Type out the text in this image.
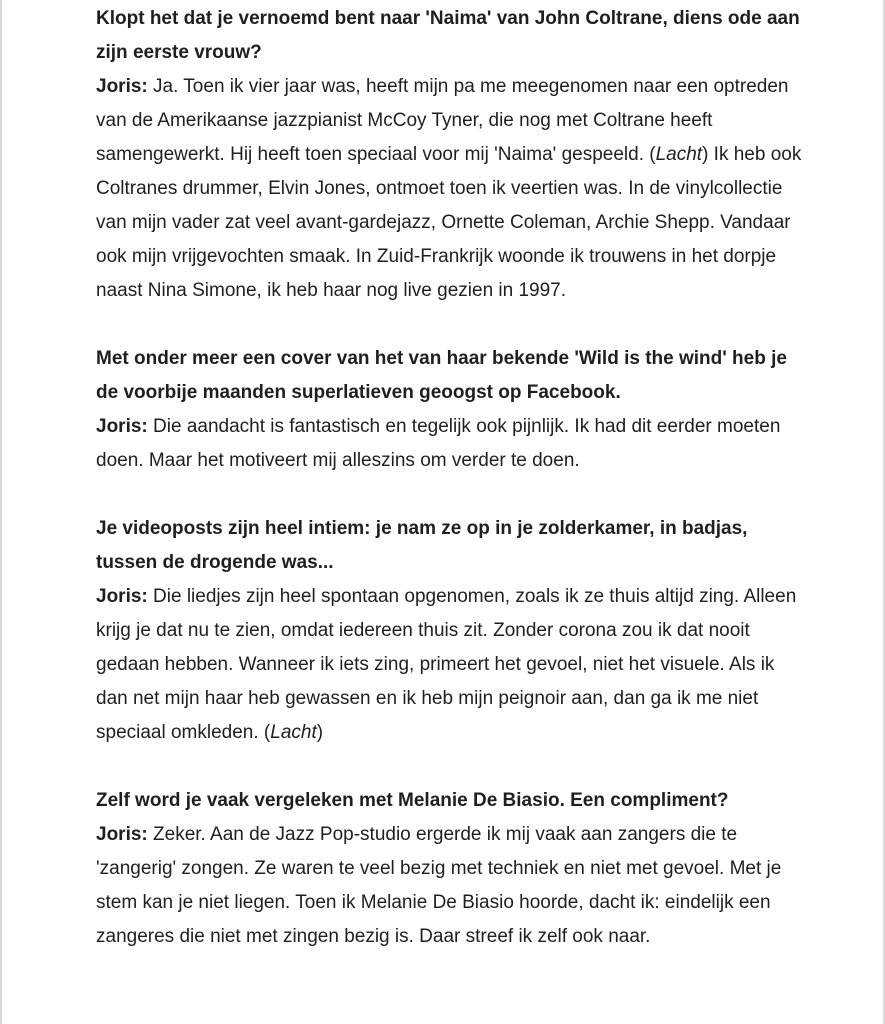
Klopt het dat je vernoemd bent naar 'Naima' van John Coltrane, diens ode aan zijn eerste vrouw?

Joris: Ja. Toen ik vier jaar was, heeft mijn pa me meegenomen naar een optreden van de Amerikaanse jazzpianist McCoy Tyner, die nog met Coltrane heeft samengewerkt. Hij heeft toen speciaal voor mij 'Naima' gespeeld. (Lacht) Ik heb ook Coltranes drummer, Elvin Jones, ontmoet toen ik veertien was. In de vinylcollectie van mijn vader zat veel avant-gardejazz, Ornette Coleman, Archie Shepp. Vandaar ook mijn vrijgevochten smaak. In Zuid-Frankrijk woonde ik trouwens in het dorpje naast Nina Simone, ik heb haar nog live gezien in 1997.

Met onder meer een cover van het van haar bekende 'Wild is the wind' heb je de voorbije maanden superlatieven geoogst op Facebook.

Joris: Die aandacht is fantastisch en tegelijk ook pijnlijk. Ik had dit eerder moeten doen. Maar het motiveert mij alleszins om verder te doen.

Je videoposts zijn heel intiem: je nam ze op in je zolderkamer, in badjas, tussen de drogende was...

Joris: Die liedjes zijn heel spontaan opgenomen, zoals ik ze thuis altijd zing. Alleen krijg je dat nu te zien, omdat iedereen thuis zit. Zonder corona zou ik dat nooit gedaan hebben. Wanneer ik iets zing, primeert het gevoel, niet het visuele. Als ik dan net mijn haar heb gewassen en ik heb mijn peignoir aan, dan ga ik me niet speciaal omkleden. (Lacht)

Zelf word je vaak vergeleken met Melanie De Biasio. Een compliment?

Joris: Zeker. Aan de Jazz Pop-studio ergerde ik mij vaak aan zangers die te 'zangerig' zongen. Ze waren te veel bezig met techniek en niet met gevoel. Met je stem kan je niet liegen. Toen ik Melanie De Biasio hoorde, dacht ik: eindelijk een zangeres die niet met zingen bezig is. Daar streef ik zelf ook naar.
